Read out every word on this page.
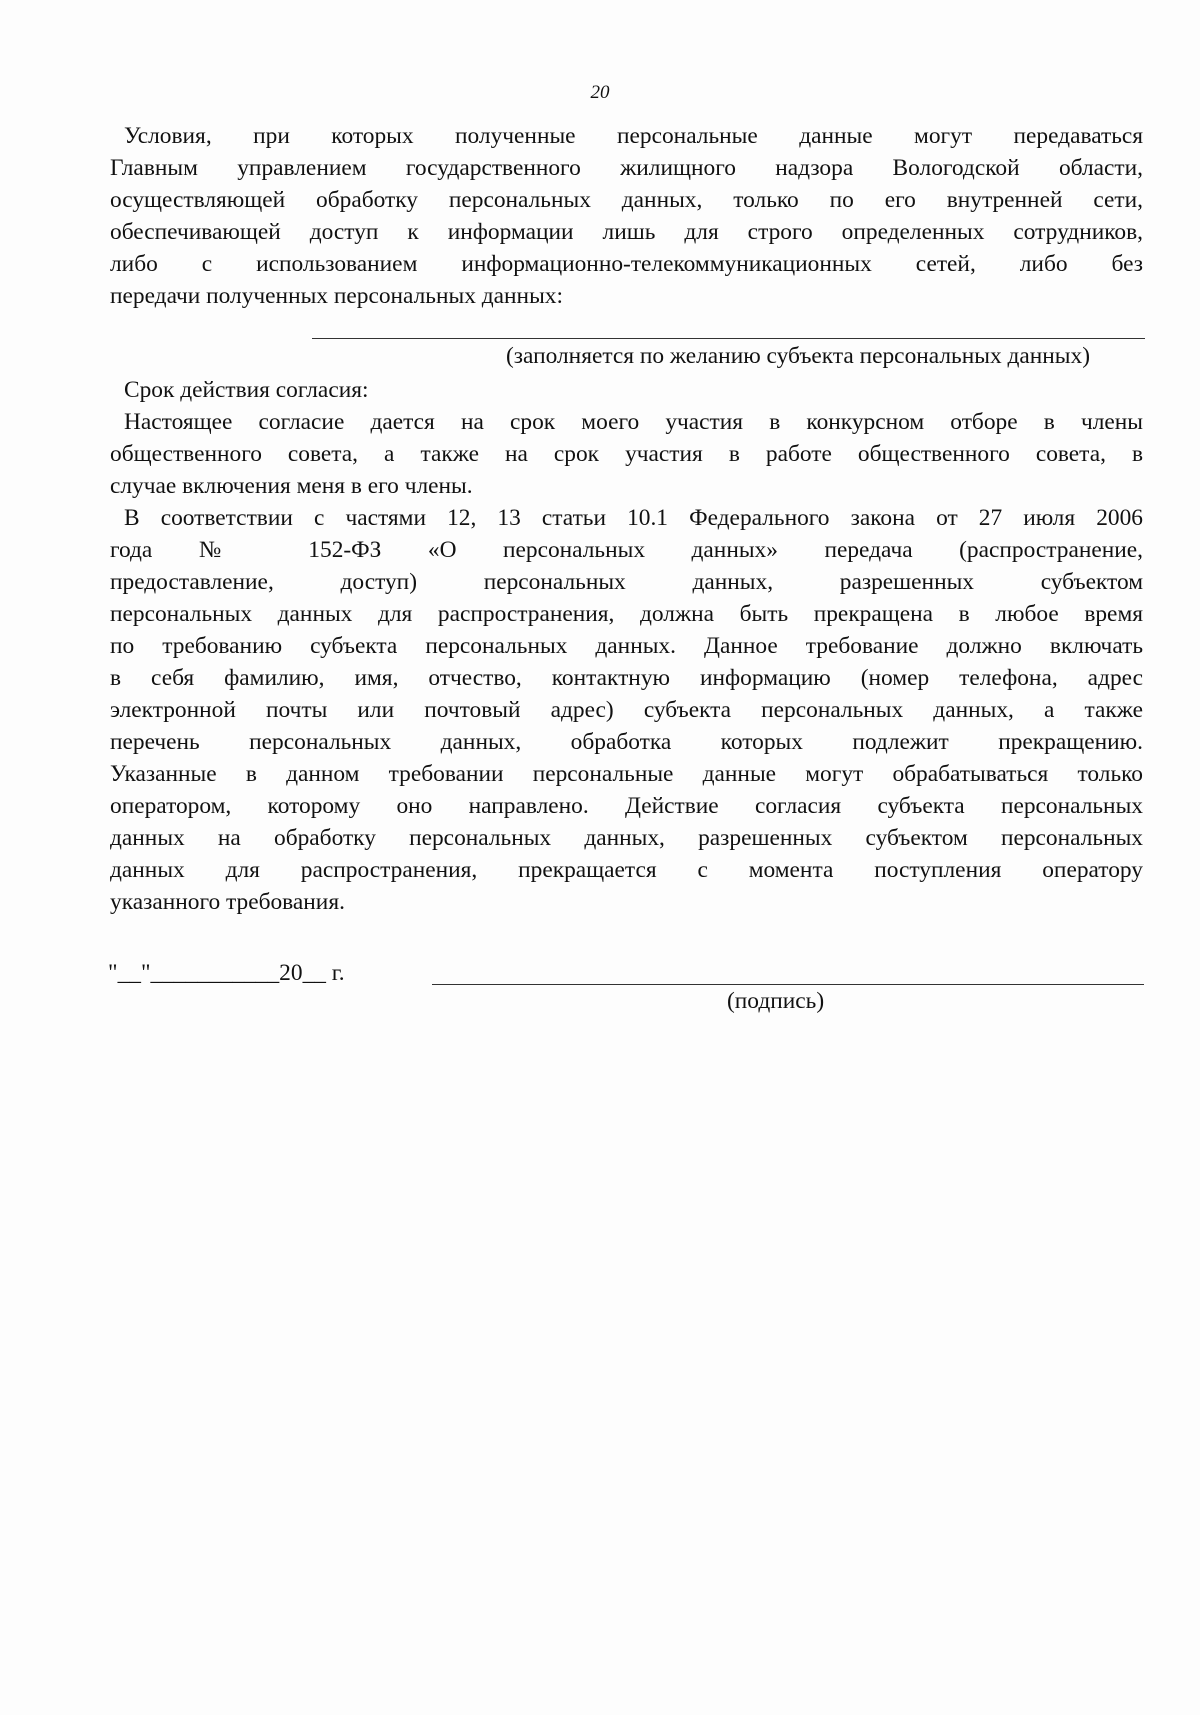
20
Условия, при которых полученные персональные данные могут передаваться
Главным управлением государственного жилищного надзора Вологодской области,
осуществляющей обработку персональных данных, только по его внутренней сети,
обеспечивающей доступ к информации лишь для строго определенных сотрудников,
либо с использованием информационно-телекоммуникационных сетей, либо без
передачи полученных персональных данных:
(заполняется по желанию субъекта персональных данных)
Срок действия согласия:
Настоящее согласие дается на срок моего участия в конкурсном отборе в члены
общественного совета, а также на срок участия в работе общественного совета, в
случае включения меня в его члены.
В соответствии с частями 12, 13 статьи 10.1 Федерального закона от 27 июля 2006
года № 152-ФЗ «О персональных данных» передача (распространение,
предоставление, доступ) персональных данных, разрешенных субъектом
персональных данных для распространения, должна быть прекращена в любое время
по требованию субъекта персональных данных. Данное требование должно включать
в себя фамилию, имя, отчество, контактную информацию (номер телефона, адрес
электронной почты или почтовый адрес) субъекта персональных данных, а также
перечень персональных данных, обработка которых подлежит прекращению.
Указанные в данном требовании персональные данные могут обрабатываться только
оператором, которому оно направлено. Действие согласия субъекта персональных
данных на обработку персональных данных, разрешенных субъектом персональных
данных для распространения, прекращается с момента поступления оператору
указанного требования.
"__"___________20__ г.
(подпись)
